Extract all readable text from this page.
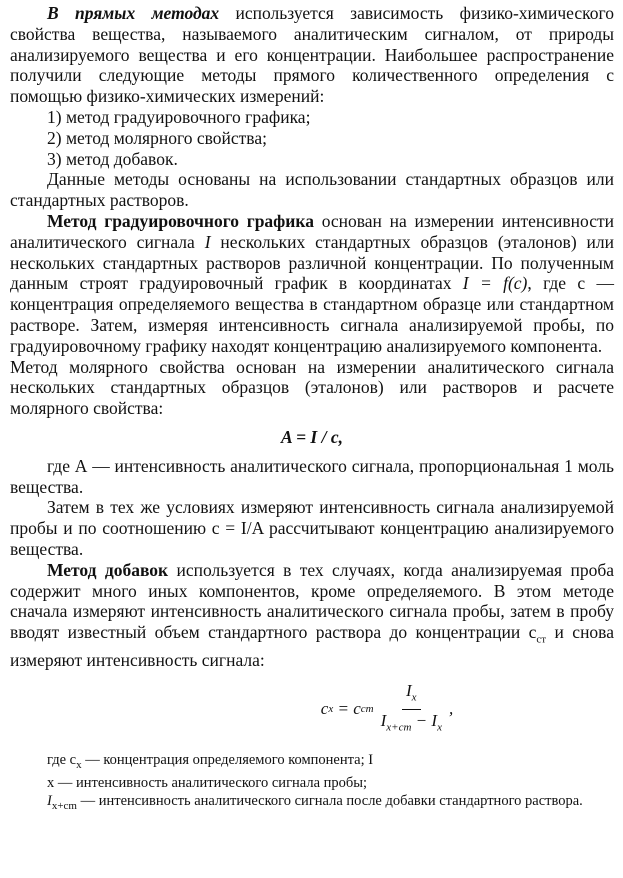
В прямых методах используется зависимость физико-химического свойства вещества, называемого аналитическим сигналом, от природы анализируемого вещества и его концентрации. Наибольшее распространение получили следующие методы прямого количественного определения с помощью физико-химических измерений:

1) метод градуировочного графика;

2) метод молярного свойства;

3) метод добавок.

Данные методы основаны на использовании стандартных образцов или стандартных растворов.

Метод градуировочного графика основан на измерении интенсивности аналитического сигнала I нескольких стандартных образцов (эталонов) или нескольких стандартных растворов различной концентрации. По полученным данным строят градуировочный график в координатах I = f(c), где с — концентрация определяемого вещества в стандартном образце или стандартном растворе. Затем, измеряя интенсивность сигнала анализируемой пробы, по градуировочному графику находят концентрацию анализируемого компонента.

Метод молярного свойства основан на измерении аналитического сигнала нескольких стандартных образцов (эталонов) или растворов и расчете молярного свойства:

A = I / c,

где А — интенсивность аналитического сигнала, пропорциональная 1 моль вещества.

Затем в тех же условиях измеряют интенсивность сигнала анализируемой пробы и по соотношению с = I/A рассчитывают концентрацию анализируемого вещества.

Метод добавок используется в тех случаях, когда анализируемая проба содержит много иных компонентов, кроме определяемого. В этом методе сначала измеряют интенсивность аналитического сигнала пробы, затем в пробу вводят известный объем стандартного раствора до концентрации $с_{ст}$ и снова измеряют интенсивность сигнала:

c x = c cm $\frac{I_x}{I_{x+cm} - I_x}$ ,

где $с_х$ — концентрация определяемого компонента; I

х — интенсивность аналитического сигнала пробы;

$I_{x+cm}$ — интенсивность аналитического сигнала после добавки стандартного раствора.
